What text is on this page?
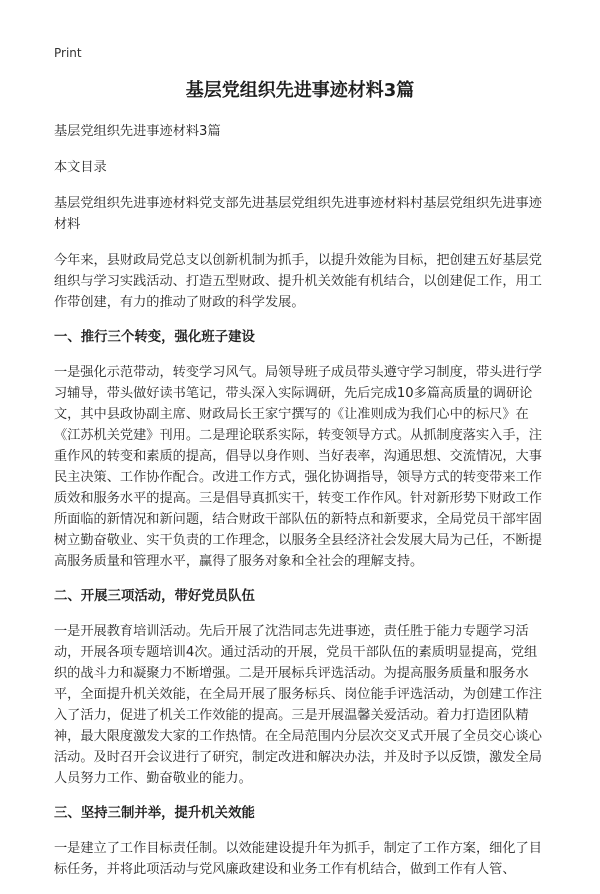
Print
基层党组织先进事迹材料3篇

基层党组织先进事迹材料3篇

本文目录

基层党组织先进事迹材料党支部先进基层党组织先进事迹材料村基层党组织先进事迹材料

今年来，县财政局党总支以创新机制为抓手，以提升效能为目标，把创建五好基层党组织与学习实践活动、打造五型财政、提升机关效能有机结合，以创建促工作，用工作带创建，有力的推动了财政的科学发展。

一、推行三个转变，强化班子建设

一是强化示范带动，转变学习风气。局领导班子成员带头遵守学习制度，带头进行学习辅导，带头做好读书笔记，带头深入实际调研，先后完成10多篇高质量的调研论文，其中县政协副主席、财政局长王家宁撰写的《让准则成为我们心中的标尺》在《江苏机关党建》刊用。二是理论联系实际，转变领导方式。从抓制度落实入手，注重作风的转变和素质的提高，倡导以身作则、当好表率，沟通思想、交流情况，大事民主决策、工作协作配合。改进工作方式，强化协调指导，领导方式的转变带来工作质效和服务水平的提高。三是倡导真抓实干，转变工作作风。针对新形势下财政工作所面临的新情况和新问题，结合财政干部队伍的新特点和新要求，全局党员干部牢固树立勤奋敬业、实干负责的工作理念，以服务全县经济社会发展大局为己任，不断提高服务质量和管理水平，赢得了服务对象和全社会的理解支持。

二、开展三项活动，带好党员队伍

一是开展教育培训活动。先后开展了沈浩同志先进事迹，责任胜于能力专题学习活动，开展各项专题培训4次。通过活动的开展，党员干部队伍的素质明显提高，党组织的战斗力和凝聚力不断增强。二是开展标兵评选活动。为提高服务质量和服务水平，全面提升机关效能，在全局开展了服务标兵、岗位能手评选活动，为创建工作注入了活力，促进了机关工作效能的提高。三是开展温馨关爱活动。着力打造团队精神，最大限度激发大家的工作热情。在全局范围内分层次交叉式开展了全员交心谈心活动。及时召开会议进行了研究，制定改进和解决办法，并及时予以反馈，激发全局人员努力工作、勤奋敬业的能力。

三、坚持三制并举，提升机关效能

一是建立了工作目标责任制。以效能建设提升年为抓手，制定了工作方案，细化了目标任务，并将此项活动与党风廉政建设和业务工作有机结合，做到工作有人管、
